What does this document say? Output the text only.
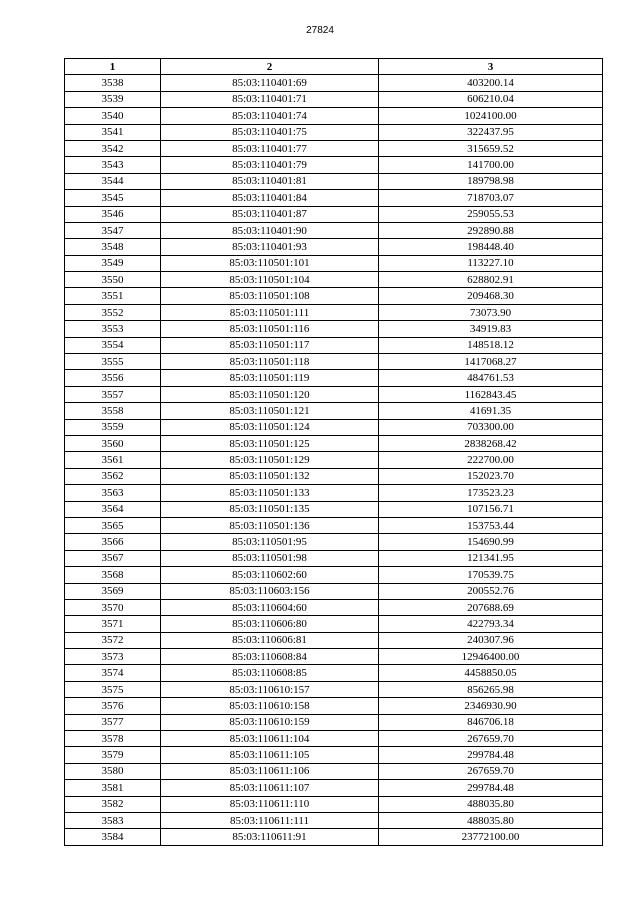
27824
1	2	3
3538	85:03:110401:69	403200.14
3539	85:03:110401:71	606210.04
3540	85:03:110401:74	1024100.00
3541	85:03:110401:75	322437.95
3542	85:03:110401:77	315659.52
3543	85:03:110401:79	141700.00
3544	85:03:110401:81	189798.98
3545	85:03:110401:84	718703.07
3546	85:03:110401:87	259055.53
3547	85:03:110401:90	292890.88
3548	85:03:110401:93	198448.40
3549	85:03:110501:101	113227.10
3550	85:03:110501:104	628802.91
3551	85:03:110501:108	209468.30
3552	85:03:110501:111	73073.90
3553	85:03:110501:116	34919.83
3554	85:03:110501:117	148518.12
3555	85:03:110501:118	1417068.27
3556	85:03:110501:119	484761.53
3557	85:03:110501:120	1162843.45
3558	85:03:110501:121	41691.35
3559	85:03:110501:124	703300.00
3560	85:03:110501:125	2838268.42
3561	85:03:110501:129	222700.00
3562	85:03:110501:132	152023.70
3563	85:03:110501:133	173523.23
3564	85:03:110501:135	107156.71
3565	85:03:110501:136	153753.44
3566	85:03:110501:95	154690.99
3567	85:03:110501:98	121341.95
3568	85:03:110602:60	170539.75
3569	85:03:110603:156	200552.76
3570	85:03:110604:60	207688.69
3571	85:03:110606:80	422793.34
3572	85:03:110606:81	240307.96
3573	85:03:110608:84	12946400.00
3574	85:03:110608:85	4458850.05
3575	85:03:110610:157	856265.98
3576	85:03:110610:158	2346930.90
3577	85:03:110610:159	846706.18
3578	85:03:110611:104	267659.70
3579	85:03:110611:105	299784.48
3580	85:03:110611:106	267659.70
3581	85:03:110611:107	299784.48
3582	85:03:110611:110	488035.80
3583	85:03:110611:111	488035.80
3584	85:03:110611:91	23772100.00
